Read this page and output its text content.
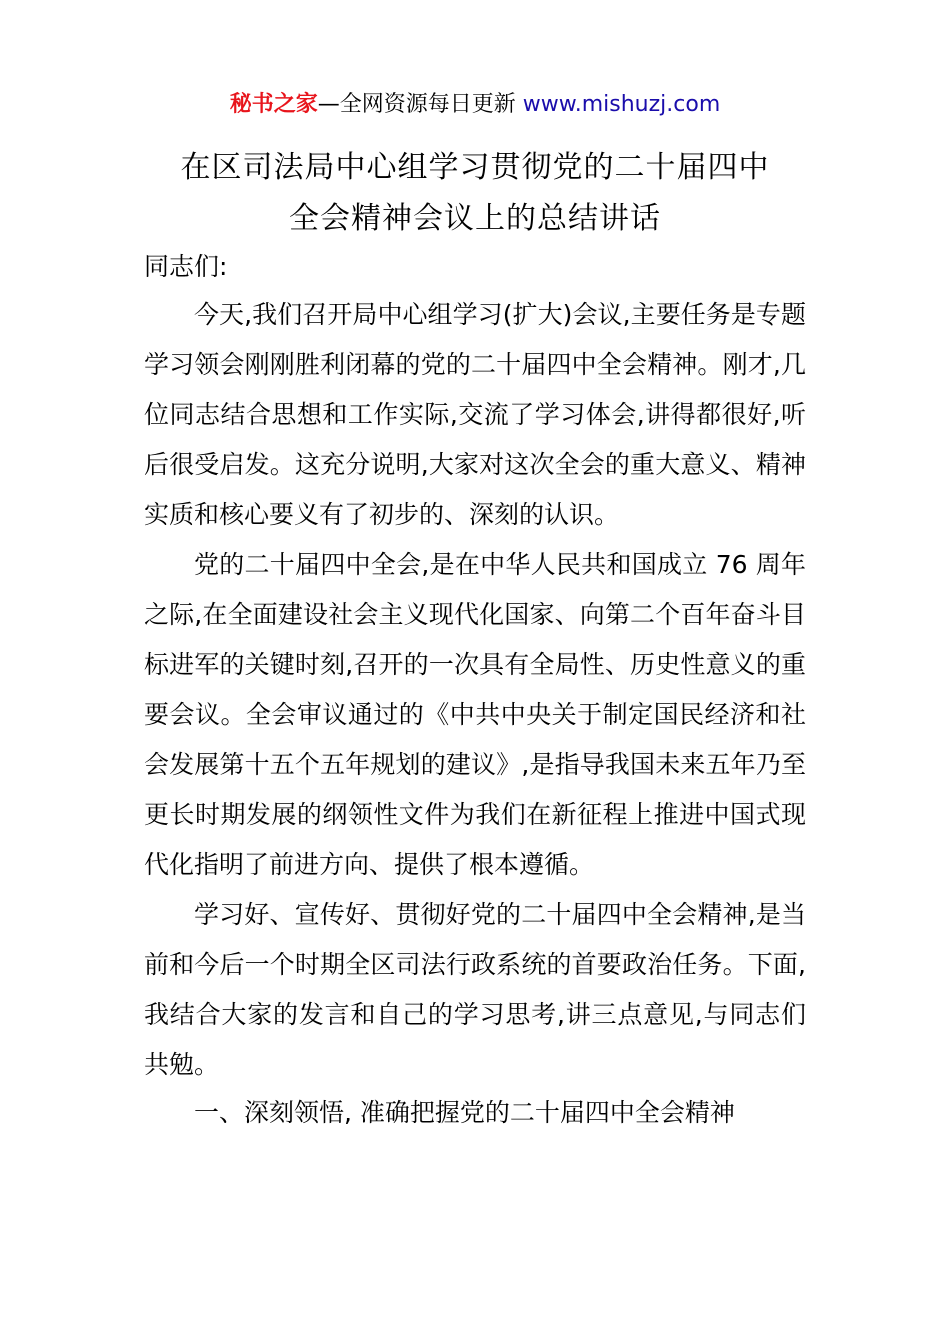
秘书之家—全网资源每日更新 www.mishuzj.com
在区司法局中心组学习贯彻党的二十届四中
全会精神会议上的总结讲话
同志们:

今天,我们召开局中心组学习(扩大)会议,主要任务是专题学习领会刚刚胜利闭幕的党的二十届四中全会精神。刚才,几位同志结合思想和工作实际,交流了学习体会,讲得都很好,听后很受启发。这充分说明,大家对这次全会的重大意义、精神实质和核心要义有了初步的、深刻的认识。

党的二十届四中全会,是在中华人民共和国成立 76 周年之际,在全面建设社会主义现代化国家、向第二个百年奋斗目标进军的关键时刻,召开的一次具有全局性、历史性意义的重要会议。全会审议通过的《中共中央关于制定国民经济和社会发展第十五个五年规划的建议》,是指导我国未来五年乃至更长时期发展的纲领性文件为我们在新征程上推进中国式现代化指明了前进方向、提供了根本遵循。

学习好、宣传好、贯彻好党的二十届四中全会精神,是当前和今后一个时期全区司法行政系统的首要政治任务。下面,我结合大家的发言和自己的学习思考,讲三点意见,与同志们共勉。

一、深刻领悟, 准确把握党的二十届四中全会精神
